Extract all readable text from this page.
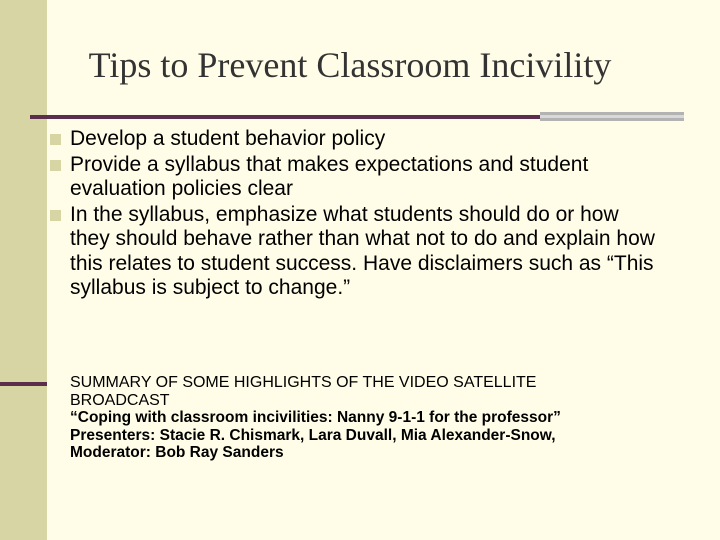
Tips to Prevent Classroom Incivility
Develop a student behavior policy
Provide a syllabus that makes expectations and student evaluation policies clear
In the syllabus, emphasize what students should do or how they should behave rather than what not to do and explain how this relates to student success. Have disclaimers such as “This syllabus is subject to change.”
SUMMARY OF SOME HIGHLIGHTS OF THE VIDEO SATELLITE
BROADCAST
“Coping with classroom incivilities: Nanny 9-1-1 for the professor”
Presenters: Stacie R. Chismark, Lara Duvall, Mia Alexander-Snow,
Moderator: Bob Ray Sanders
